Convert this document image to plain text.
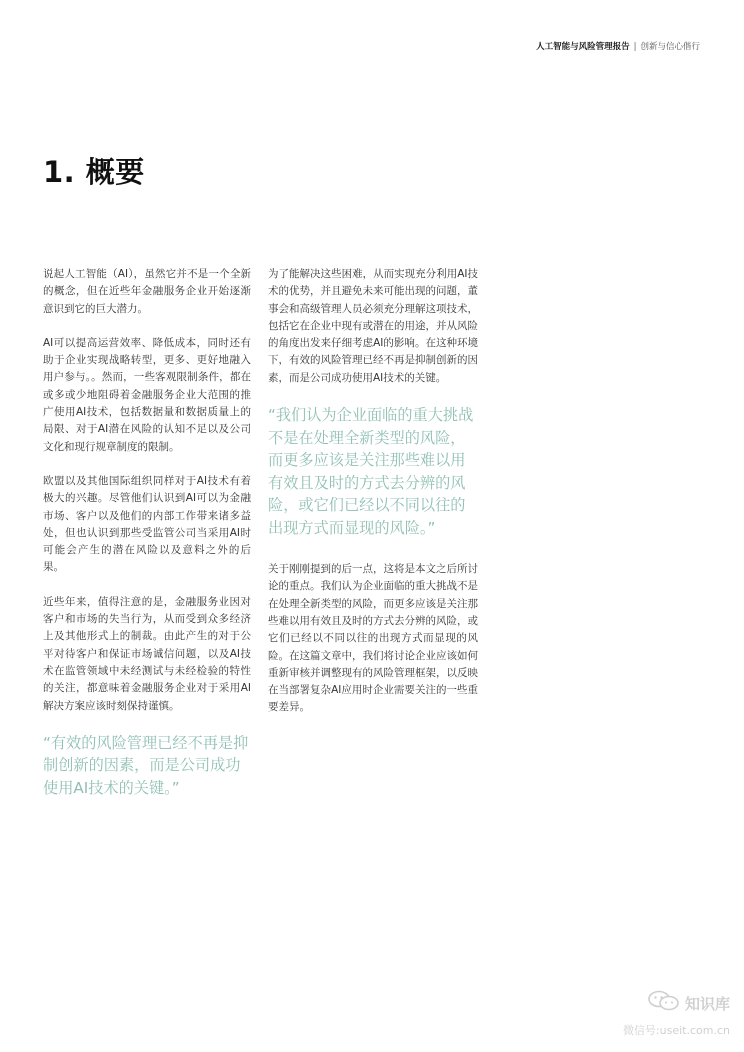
人工智能与风险管理报告 | 创新与信心偕行
1. 概要

说起人工智能（AI），虽然它并不是一个全新的概念，但在近些年金融服务企业开始逐渐意识到它的巨大潜力。

AI可以提高运营效率、降低成本，同时还有助于企业实现战略转型，更多、更好地融入用户参与。。然而，一些客观限制条件，都在或多或少地阻碍着金融服务企业大范围的推广使用AI技术，包括数据量和数据质量上的局限、对于AI潜在风险的认知不足以及公司文化和现行规章制度的限制。

欧盟以及其他国际组织同样对于AI技术有着极大的兴趣。尽管他们认识到AI可以为金融市场、客户以及他们的内部工作带来诸多益处，但也认识到那些受监管公司当采用AI时可能会产生的潜在风险以及意料之外的后果。

近些年来，值得注意的是，金融服务业因对客户和市场的失当行为，从而受到众多经济上及其他形式上的制裁。由此产生的对于公平对待客户和保证市场诚信问题，以及AI技术在监管领域中未经测试与未经检验的特性的关注，都意味着金融服务企业对于采用AI解决方案应该时刻保持谨慎。

“有效的风险管理已经不再是抑制创新的因素，而是公司成功使用AI技术的关键。”

为了能解决这些困难，从而实现充分利用AI技术的优势，并且避免未来可能出现的问题，董事会和高级管理人员必须充分理解这项技术，包括它在企业中现有或潜在的用途，并从风险的角度出发来仔细考虑AI的影响。在这种环境下，有效的风险管理已经不再是抑制创新的因素，而是公司成功使用AI技术的关键。

“我们认为企业面临的重大挑战不是在处理全新类型的风险，而更多应该是关注那些难以用有效且及时的方式去分辨的风险，或它们已经以不同以往的出现方式而显现的风险。”

关于刚刚提到的后一点，这将是本文之后所讨论的重点。我们认为企业面临的重大挑战不是在处理全新类型的风险，而更多应该是关注那些难以用有效且及时的方式去分辨的风险，或它们已经以不同以往的出现方式而显现的风险。在这篇文章中，我们将讨论企业应该如何重新审核并调整现有的风险管理框架，以反映在当部署复杂AI应用时企业需要关注的一些重要差异。

知识库
微信号:useit.com.cn
